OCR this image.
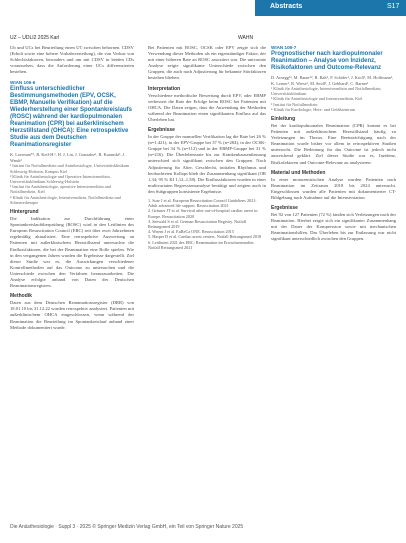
Abstracts	S17
UZ – UDLI2 2025 Karl	WAHN

Ub und UCs bei Beurteilung einen UT zwischen behornen. CDSV (Erbolt sowie eine hohere Vorhabsverteilung), die von Verlust von Schlechtsfaktoren, besonders und um mit CDSV in beiden CDs voraussehen, dass die Anforderung einer UCs differenzierten bestehen.

WIAN 106-6
Einfluss unterschiedlicher Bestimmungsmethoden (EPV, OCSK, EBMP, Manuelle Verifikation) auf die Wiederherstellung einer Spontankreislaufs (ROSC) während der kardiopulmonalen Reanimation (CPR) bei außerklinischem Herzstillstand (OHCA): Eine retrospektive Studie aus dem Deutschen Reanimationsregister
K. Loreman*¹, R. Keil-H.¹, H. J. Lin, J. Gonzalez¹, R. Kuranski¹, J. Wnuk²
¹ Institut für Notfallmedizin und Anästhesiologie, Universitätsklinikum Schleswig-Holstein, Kampus Kiel
² Klinik für Anästhesiologie und Operative Intensivmedizin, Universitätsklinikum Schleswig-Holstein
³ Institut für Anästhesiologie, operative Intensivmedizin und Notfallmedizin, Kiel
⁴ Klinik für Anästhesiologie, Intensivmedizin, Notfallmedizin und Schmerztherapie
Hintergrund

Die Indikation zur Durchführung einer Spontankreislaufüberprüfung (ROSC) wird in den Leitlinien des European Resuscitation Council (ERC) seit über zwei Jahrzehnten regelmäßig aktualisiert. Eine retrospektive Auswertung an Patienten mit außerklinischem Herzstillstand untersuchte die Einflussfaktoren, die bei der Reanimation eine Rolle spielen. Wie in den vergangenen Jahren wurden die Ergebnisse dargestellt. Ziel dieser Studie war es, die Auswirkungen verschiedener Kontrollmethoden auf das Outcome zu untersuchen und die Unterschiede zwischen den Verfahren herauszuarbeiten. Die Analyse erfolgte anhand von Daten des Deutschen Reanimationsregisters.

Methodik

Daten aus dem Deutschen Reanimationsregister (DRR) von 18.01.10 bis 31.12.22 wurden retrospektiv analysiert. Patienten mit außerklinischem OHCA eingeschlossen, wenn während der Reanimation die Beurteilung im Spontankreislauf anhand einer Methode dokumentiert wurde.

Bei Patienten mit ROSC, OCSK oder EPV zeigte sich die Verwendung dieser Methoden als ein eigenständiger Faktor, der mit einer höheren Rate an ROSC assoziiert war. Die univariate Analyse zeigte signifikante Unterschiede zwischen den Gruppen, die auch nach Adjustierung für bekannte Störfaktoren bestehen blieben.

Interpretation

Verschiedene methodische Bewertung durch EPV, oder EBMP verbessert die Rate der Erfolge beim ROSC bei Patienten mit OHCA. Die Daten zeigen, dass die Anwendung der Methoden während der Reanimation einen signifikanten Einfluss auf das Überleben hat.

Ergebnisse

In der Gruppe der manuellen Verifikation lag die Rate bei 26 % (n=1.421), in der EPV-Gruppe bei 37 % (n=284), in der OCSK-Gruppe bei 34 % (n=112) und in der EBMP-Gruppe bei 31 % (n=216). Die Überlebensrate bis zur Krankenhausentlassung unterschied sich signifikant zwischen den Gruppen. Nach Adjustierung für Alter, Geschlecht, initialen Rhythmus und beobachteten Kollaps blieb der Zusammenhang signifikant (OR 1,34; 95 % KI 1,12–1,58). Die Einflussfaktoren wurden in einer multivariaten Regressionsanalyse bestätigt und zeigten auch in den Subgruppen konsistente Ergebnisse.

1. Soar J et al. European Resuscitation Council Guidelines 2021: Adult advanced life support. Resuscitation 2021
2. Gräsner JT et al. Survival after out-of-hospital cardiac arrest in Europe. Resuscitation 2020
3. Seewald S et al. German Resuscitation Registry. Notfall Rettungsmed 2019
4. Wnent J et al. EuReCa ONE. Resuscitation 2015
5. Hasper D et al. Cardiac arrest centers. Notfall Rettungsmed 2018
6. Leitlinien 2021 des ERC: Reanimation im Erwachsenenalter. Notfall Rettungsmed 2021
WIAN 106-7
Prognostischer nach kardiopulmonaler Reanimation – Analyse von Inzidenz, Risikofaktoren und Outcome-Relevanz
D. Arnegg¹², M. Bauer¹², R. Balt¹, F. Schäfer¹, J. Kroll¹, M. Hoffmann¹, K. Lerner¹, R. Wiese¹, M. Seidl¹, J. Gebhard¹, C. Barner¹
¹ Klinik für Anästhesiologie, Intensivmedizin und Notfallmedizin, Universitätsklinikum
² Klinik für Anästhesiologie und Intensivmedizin, Kiel
³ Institut für Notfallmedizin
⁴ Klinik für Kardiologie, Herz- und Gefäßzentrum
Einleitung

Bei der kardiopulmonalen Reanimation (CPR) kommt es bei Patienten mit außerklinischem Herzstillstand häufig zu Verletzungen im Thorax. Eine Beeinträchtigung nach der Reanimation wurde bisher vor allem in retrospektiven Studien untersucht. Die Bedeutung für das Outcome ist jedoch nicht ausreichend geklärt. Ziel dieser Studie war es, Inzidenz, Risikofaktoren und Outcome-Relevanz zu analysieren.

Material und Methoden

In einer monozentrischen Analyse wurden Patienten nach Reanimation im Zeitraum 2018 bis 2024 untersucht. Eingeschlossen wurden alle Patienten mit dokumentierter CT-Bildgebung nach Aufnahme auf die Intensivstation.

Ergebnisse

Bei 92 von 127 Patienten (72 %) fanden sich Verletzungen nach der Reanimation. Hierbei zeigte sich ein signifikanter Zusammenhang mit der Dauer der Kompression sowie mit mechanischen Reanimationshilfen. Das Überleben bis zur Entlassung war nicht signifikant unterschiedlich zwischen den Gruppen.

Die Anästhesiologie · Suppl 3 · 2025 © Springer Medizin Verlag GmbH, ein Teil von Springer Nature 2025
